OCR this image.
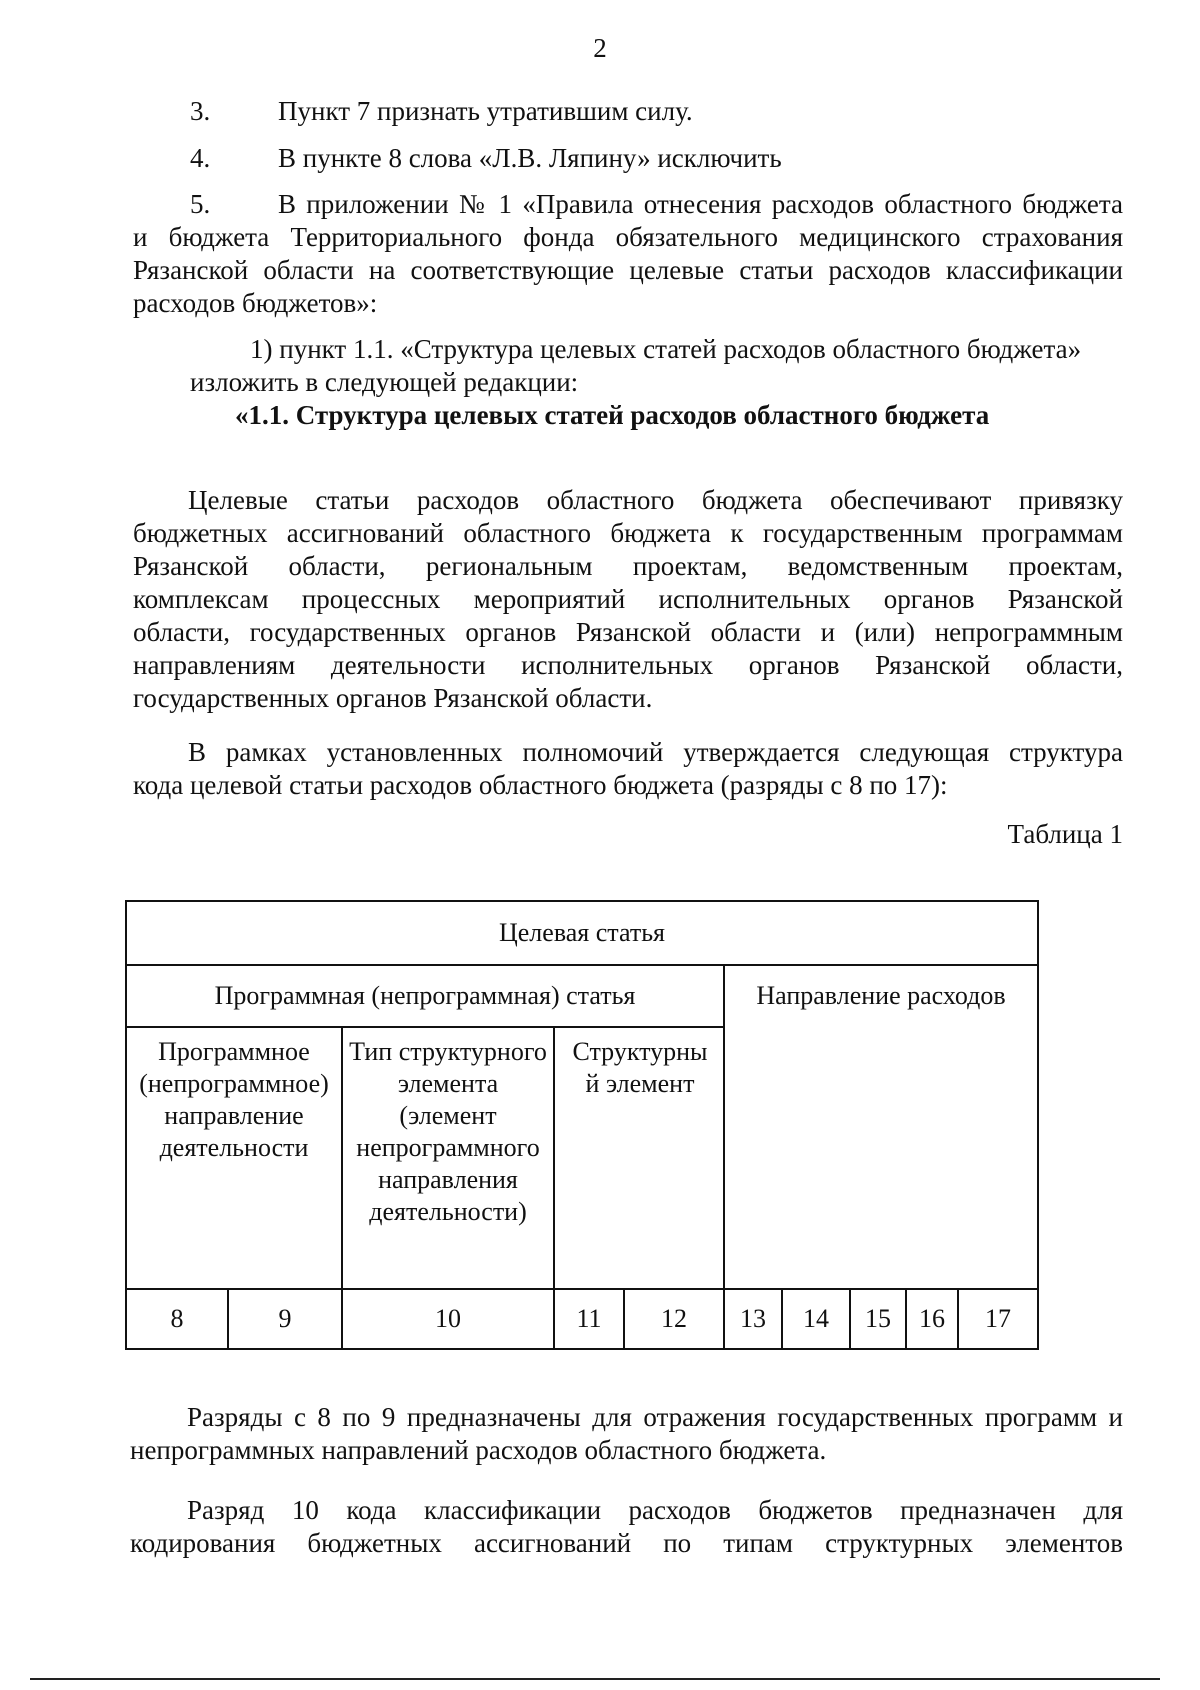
2
3.	Пункт 7 признать утратившим силу.
4.	В пункте 8 слова «Л.В. Ляпину» исключить
5.	В приложении № 1 «Правила отнесения расходов областного бюджета
и бюджета Территориального фонда обязательного медицинского страхования
Рязанской области на соответствующие целевые статьи расходов классификации
расходов бюджетов»:
1) пункт 1.1. «Структура целевых статей расходов областного бюджета»
изложить в следующей редакции:
«1.1. Структура целевых статей расходов областного бюджета
Целевые статьи расходов областного бюджета обеспечивают привязку
бюджетных ассигнований областного бюджета к государственным программам
Рязанской области, региональным проектам, ведомственным проектам,
комплексам процессных мероприятий исполнительных органов Рязанской
области, государственных органов Рязанской области и (или) непрограммным
направлениям деятельности исполнительных органов Рязанской области,
государственных органов Рязанской области.
В рамках установленных полномочий утверждается следующая структура
кода целевой статьи расходов областного бюджета (разряды с 8 по 17):
Таблица 1
Целевая статья									
Программная (непрограммная) статья					Направление расходов				
Программное (непрограммное) направление деятельности		Тип структурного элемента (элемент непрограммного направления деятельности)	Структурны й элемент						
8	9	10	11	12	13	14	15	16	17
Разряды с 8 по 9 предназначены для отражения государственных программ и
непрограммных направлений расходов областного бюджета.
Разряд 10 кода классификации расходов бюджетов предназначен для
кодирования бюджетных ассигнований по типам структурных элементов
